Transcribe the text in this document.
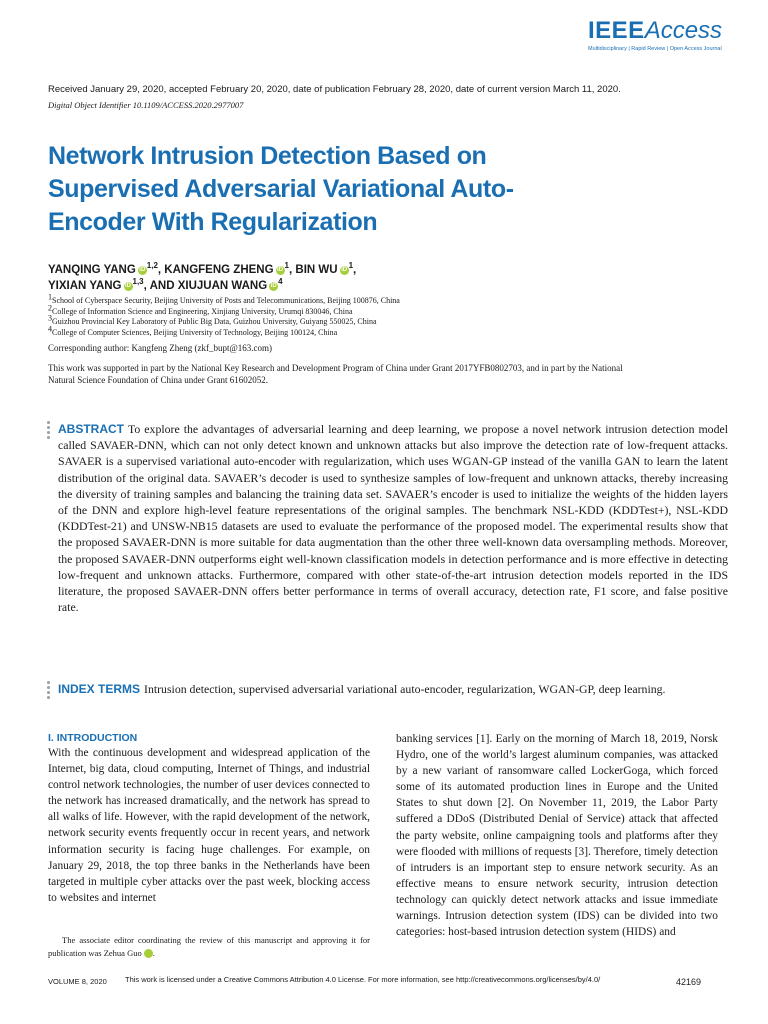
IEEEAccess
Multidisciplinary | Rapid Review | Open Access Journal
Received January 29, 2020, accepted February 20, 2020, date of publication February 28, 2020, date of current version March 11, 2020.
Digital Object Identifier 10.1109/ACCESS.2020.2977007
Network Intrusion Detection Based on Supervised Adversarial Variational Auto-Encoder With Regularization
YANQING YANG iD $^{1,2}$, KANGFENG ZHENG iD $^1$, BIN WU iD $^1$,
YIXIAN YANG iD $^{1,3}$, AND XIUJUAN WANG iD $^4$
$^1$School of Cyberspace Security, Beijing University of Posts and Telecommunications, Beijing 100876, China
$^2$College of Information Science and Engineering, Xinjiang University, Urumqi 830046, China
$^3$Guizhou Provincial Key Laboratory of Public Big Data, Guizhou University, Guiyang 550025, China
$^4$College of Computer Sciences, Beijing University of Technology, Beijing 100124, China
Corresponding author: Kangfeng Zheng (zkf_bupt@163.com)
This work was supported in part by the National Key Research and Development Program of China under Grant 2017YFB0802703, and in part by the National Natural Science Foundation of China under Grant 61602052.
ABSTRACT To explore the advantages of adversarial learning and deep learning, we propose a novel network intrusion detection model called SAVAER-DNN, which can not only detect known and unknown attacks but also improve the detection rate of low-frequent attacks. SAVAER is a supervised variational auto-encoder with regularization, which uses WGAN-GP instead of the vanilla GAN to learn the latent distribution of the original data. SAVAER’s decoder is used to synthesize samples of low-frequent and unknown attacks, thereby increasing the diversity of training samples and balancing the training data set. SAVAER’s encoder is used to initialize the weights of the hidden layers of the DNN and explore high-level feature representations of the original samples. The benchmark NSL-KDD (KDDTest+), NSL-KDD (KDDTest-21) and UNSW-NB15 datasets are used to evaluate the performance of the proposed model. The experimental results show that the proposed SAVAER-DNN is more suitable for data augmentation than the other three well-known data oversampling methods. Moreover, the proposed SAVAER-DNN outperforms eight well-known classification models in detection performance and is more effective in detecting low-frequent and unknown attacks. Furthermore, compared with other state-of-the-art intrusion detection models reported in the IDS literature, the proposed SAVAER-DNN offers better performance in terms of overall accuracy, detection rate, F1 score, and false positive rate.
INDEX TERMS Intrusion detection, supervised adversarial variational auto-encoder, regularization, WGAN-GP, deep learning.
I. INTRODUCTION
With the continuous development and widespread application of the Internet, big data, cloud computing, Internet of Things, and industrial control network technologies, the number of user devices connected to the network has increased dramatically, and the network has spread to all walks of life. However, with the rapid development of the network, network security events frequently occur in recent years, and network information security is facing huge challenges. For example, on January 29, 2018, the top three banks in the Netherlands have been targeted in multiple cyber attacks over the past week, blocking access to websites and internet
banking services [1]. Early on the morning of March 18, 2019, Norsk Hydro, one of the world’s largest aluminum companies, was attacked by a new variant of ransomware called LockerGoga, which forced some of its automated production lines in Europe and the United States to shut down [2]. On November 11, 2019, the Labor Party suffered a DDoS (Distributed Denial of Service) attack that affected the party website, online campaigning tools and platforms after they were flooded with millions of requests [3]. Therefore, timely detection of intruders is an important step to ensure network security. As an effective means to ensure network security, intrusion detection technology can quickly detect network attacks and issue immediate warnings. Intrusion detection system (IDS) can be divided into two categories: host-based intrusion detection system (HIDS) and
The associate editor coordinating the review of this manuscript and approving it for publication was Zehua Guo	iD.
VOLUME 8, 2020 This work is licensed under a Creative Commons Attribution 4.0 License. For more information, see http://creativecommons.org/licenses/by/4.0/	42169
